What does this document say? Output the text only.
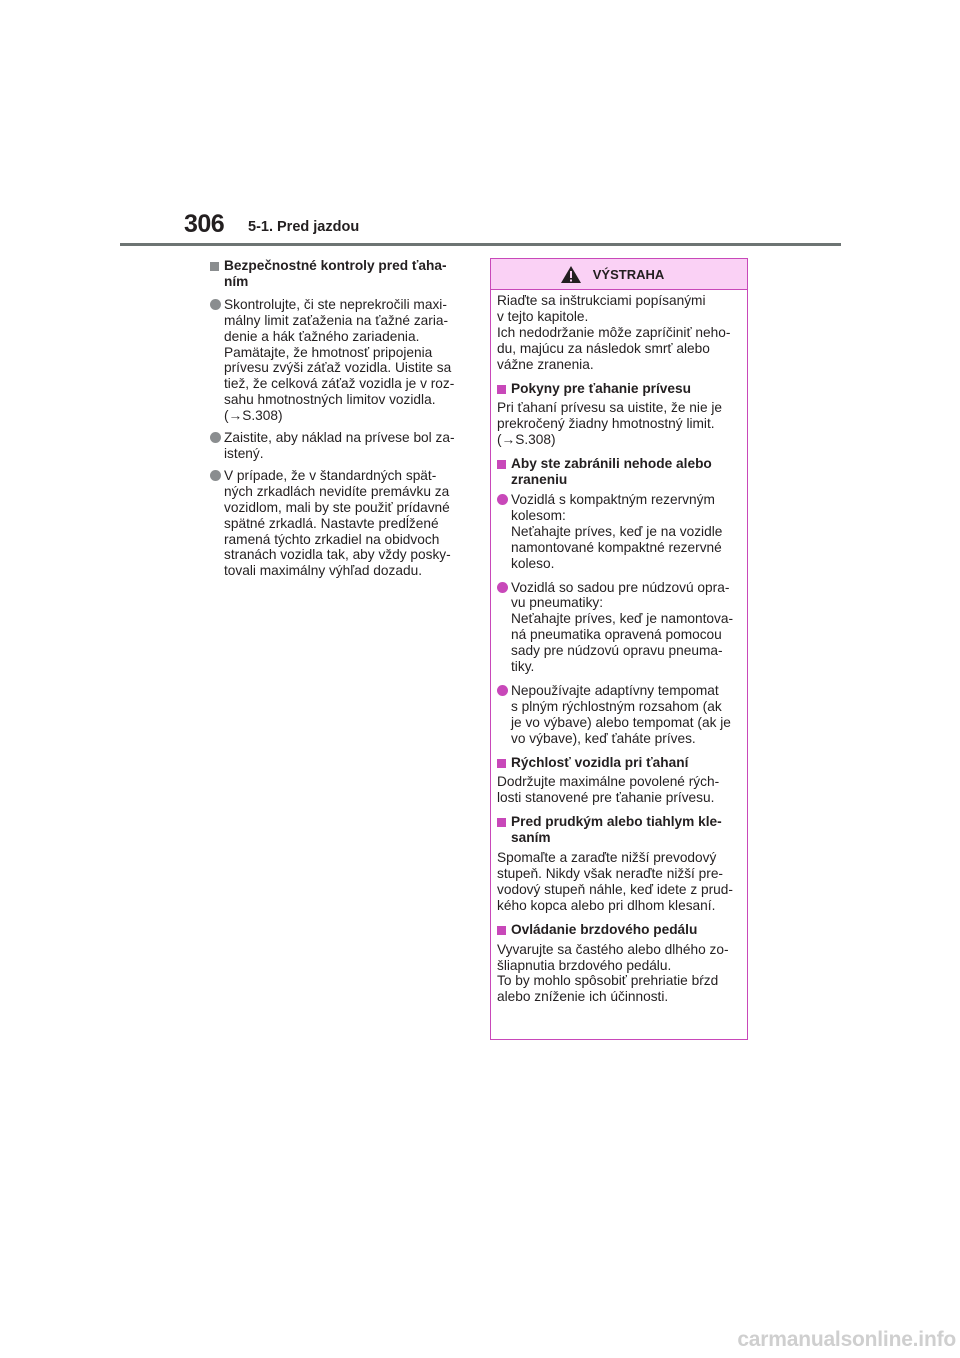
306 5-1. Pred jazdou
Bezpečnostné kontroly pred ťaha-
ním
Skontrolujte, či ste neprekročili maxi-
málny limit zaťaženia na ťažné zaria-
denie a hák ťažného zariadenia.
Pamätajte, že hmotnosť pripojenia
prívesu zvýši záťaž vozidla. Uistite sa
tiež, že celková záťaž vozidla je v roz-
sahu hmotnostných limitov vozidla.
(→S.308)
Zaistite, aby náklad na prívese bol za-
istený.
V prípade, že v štandardných spät-
ných zrkadlách nevidíte premávku za
vozidlom, mali by ste použiť prídavné
spätné zrkadlá. Nastavte predĺžené
ramená týchto zrkadiel na obidvoch
stranách vozidla tak, aby vždy posky-
tovali maximálny výhľad dozadu.
VÝSTRAHA
Riaďte sa inštrukciami popísanými
v tejto kapitole.
Ich nedodržanie môže zapríčiniť neho-
du, majúcu za následok smrť alebo
vážne zranenia.
Pokyny pre ťahanie prívesu
Pri ťahaní prívesu sa uistite, že nie je
prekročený žiadny hmotnostný limit.
(→S.308)
Aby ste zabránili nehode alebo
zraneniu
Vozidlá s kompaktným rezervným
kolesom:
Neťahajte príves, keď je na vozidle
namontované kompaktné rezervné
koleso.
Vozidlá so sadou pre núdzovú opra-
vu pneumatiky:
Neťahajte príves, keď je namontova-
ná pneumatika opravená pomocou
sady pre núdzovú opravu pneuma-
tiky.
Nepoužívajte adaptívny tempomat
s plným rýchlostným rozsahom (ak
je vo výbave) alebo tempomat (ak je
vo výbave), keď ťaháte príves.
Rýchlosť vozidla pri ťahaní
Dodržujte maximálne povolené rých-
losti stanovené pre ťahanie prívesu.
Pred prudkým alebo tiahlym kle-
saním
Spomaľte a zaraďte nižší prevodový
stupeň. Nikdy však neraďte nižší pre-
vodový stupeň náhle, keď idete z prud-
kého kopca alebo pri dlhom klesaní.
Ovládanie brzdového pedálu
Vyvarujte sa častého alebo dlhého zo-
šliapnutia brzdového pedálu.
To by mohlo spôsobiť prehriatie bŕzd
alebo zníženie ich účinnosti.
carmanualsonline.info
